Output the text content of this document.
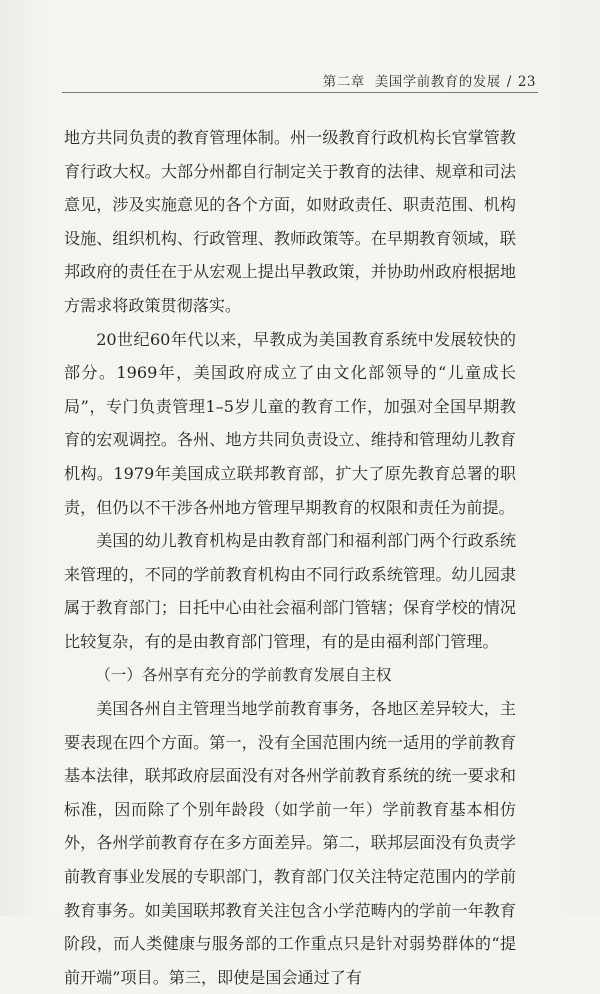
第二章 美国学前教育的发展 / 23

地方共同负责的教育管理体制。州一级教育行政机构长官掌管教育行政大权。大部分州都自行制定关于教育的法律、规章和司法意见，涉及实施意见的各个方面，如财政责任、职责范围、机构设施、组织机构、行政管理、教师政策等。在早期教育领域，联邦政府的责任在于从宏观上提出早教政策，并协助州政府根据地方需求将政策贯彻落实。

20世纪60年代以来，早教成为美国教育系统中发展较快的部分。1969年，美国政府成立了由文化部领导的“儿童成长局”，专门负责管理1–5岁儿童的教育工作，加强对全国早期教育的宏观调控。各州、地方共同负责设立、维持和管理幼儿教育机构。1979年美国成立联邦教育部，扩大了原先教育总署的职责，但仍以不干涉各州地方管理早期教育的权限和责任为前提。

美国的幼儿教育机构是由教育部门和福利部门两个行政系统来管理的，不同的学前教育机构由不同行政系统管理。幼儿园隶属于教育部门；日托中心由社会福利部门管辖；保育学校的情况比较复杂，有的是由教育部门管理，有的是由福利部门管理。

（一）各州享有充分的学前教育发展自主权

美国各州自主管理当地学前教育事务，各地区差异较大，主要表现在四个方面。第一，没有全国范围内统一适用的学前教育基本法律，联邦政府层面没有对各州学前教育系统的统一要求和标准，因而除了个别年龄段（如学前一年）学前教育基本相仿外，各州学前教育存在多方面差异。第二，联邦层面没有负责学前教育事业发展的专职部门，教育部门仅关注特定范围内的学前教育事务。如美国联邦教育关注包含小学范畴内的学前一年教育阶段，而人类健康与服务部的工作重点只是针对弱势群体的“提前开端”项目。第三，即使是国会通过了有
